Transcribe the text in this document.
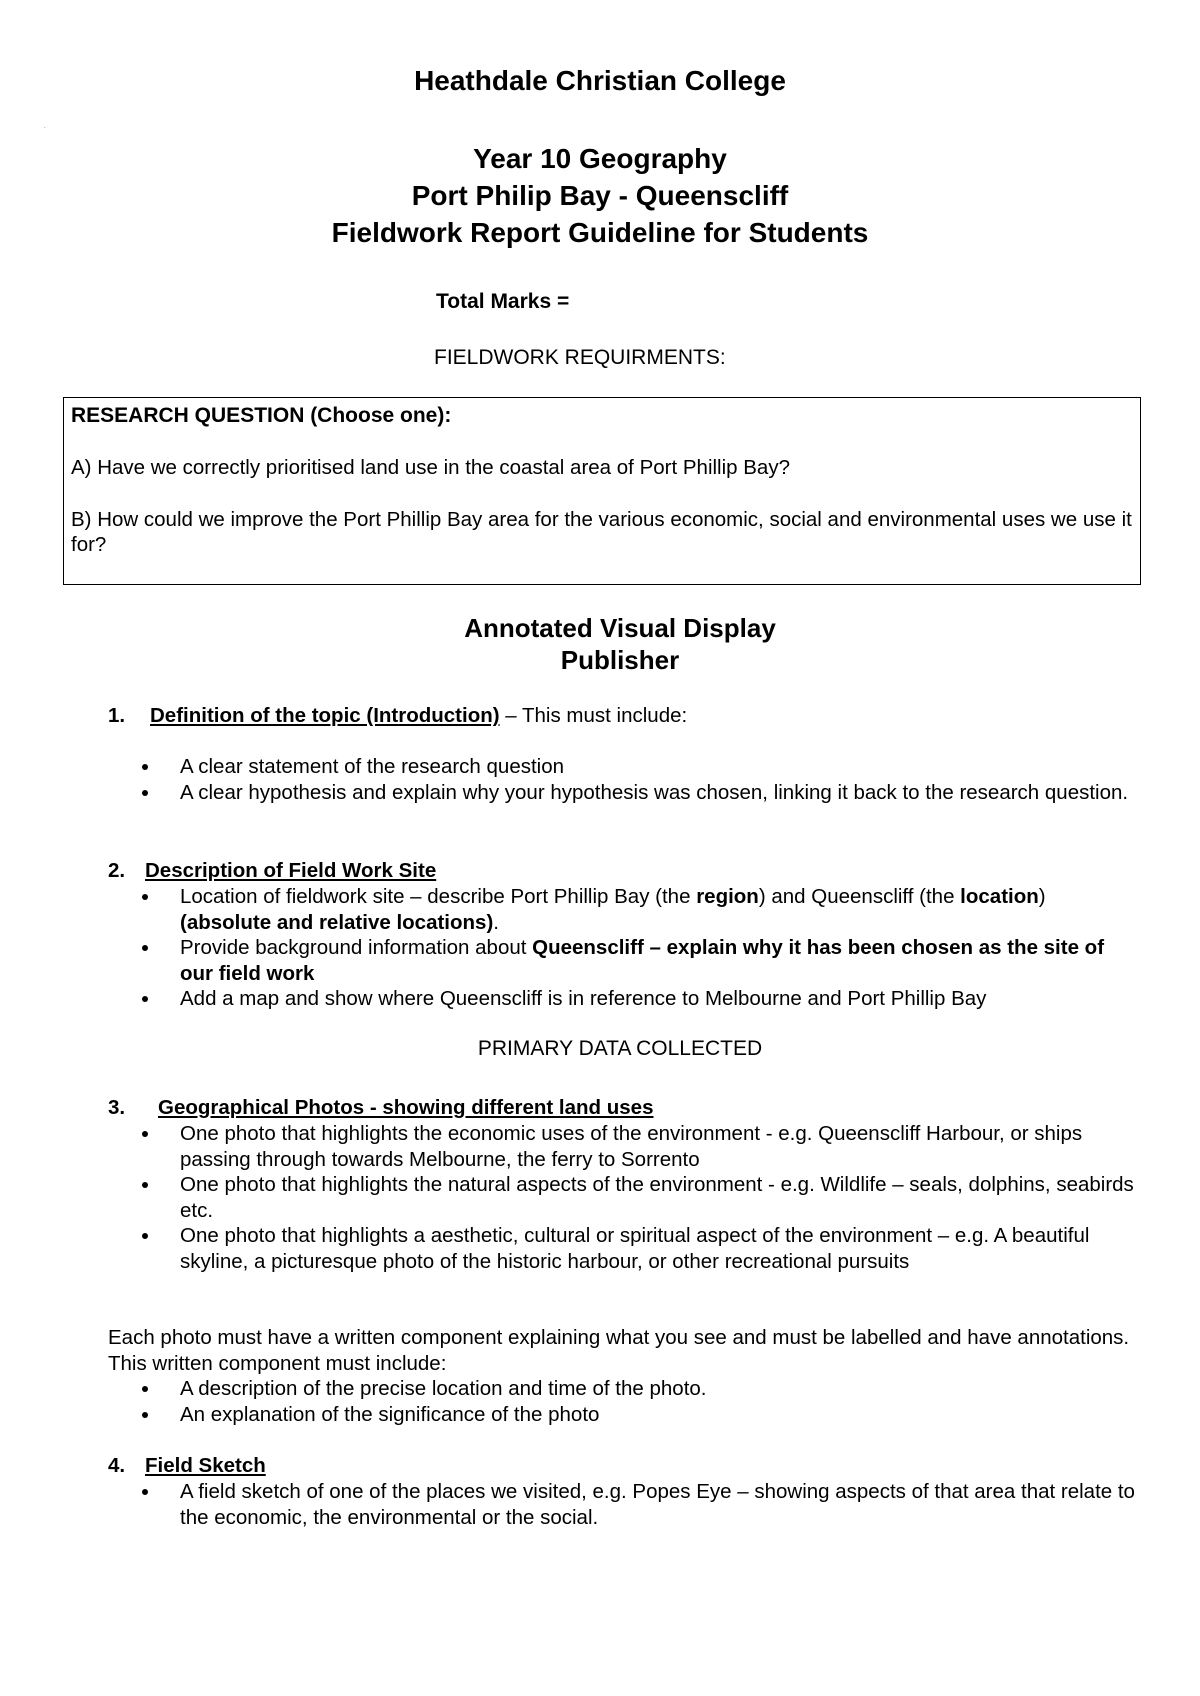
.
Heathdale Christian College
Year 10 Geography
Port Philip Bay - Queenscliff
Fieldwork Report Guideline for Students
Total Marks =
FIELDWORK REQUIRMENTS:

RESEARCH QUESTION (Choose one):

A) Have we correctly prioritised land use in the coastal area of Port Phillip Bay?

B) How could we improve the Port Phillip Bay area for the various economic, social and environmental uses we use it for?

Annotated Visual Display
Publisher
1. Definition of the topic (Introduction) – This must include:
A clear statement of the research question
A clear hypothesis and explain why your hypothesis was chosen, linking it back to the research question.
2. Description of Field Work Site
Location of fieldwork site – describe Port Phillip Bay (the region) and Queenscliff (the location) (absolute and relative locations).
Provide background information about Queenscliff – explain why it has been chosen as the site of our field work
Add a map and show where Queenscliff is in reference to Melbourne and Port Phillip Bay
PRIMARY DATA COLLECTED
3. Geographical Photos - showing different land uses
One photo that highlights the economic uses of the environment - e.g. Queenscliff Harbour, or ships passing through towards Melbourne, the ferry to Sorrento
One photo that highlights the natural aspects of the environment - e.g. Wildlife – seals, dolphins, seabirds etc.
One photo that highlights a aesthetic, cultural or spiritual aspect of the environment – e.g. A beautiful skyline, a picturesque photo of the historic harbour, or other recreational pursuits
Each photo must have a written component explaining what you see and must be labelled and have annotations. This written component must include:
A description of the precise location and time of the photo.
An explanation of the significance of the photo
4. Field Sketch
A field sketch of one of the places we visited, e.g. Popes Eye – showing aspects of that area that relate to the economic, the environmental or the social.
